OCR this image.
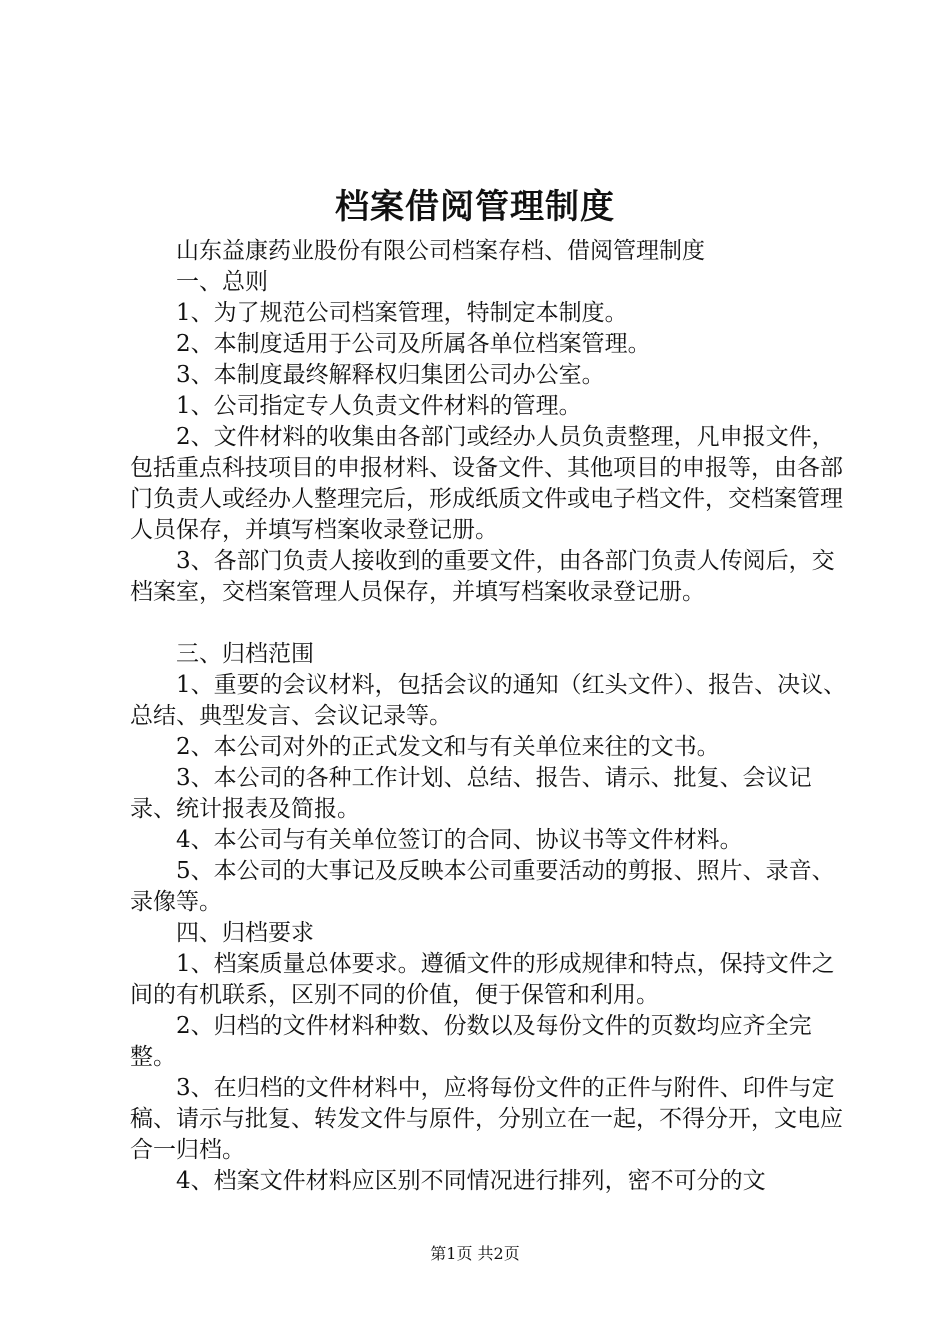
档案借阅管理制度

山东益康药业股份有限公司档案存档、借阅管理制度

一、总则

1、为了规范公司档案管理，特制定本制度。

2、本制度适用于公司及所属各单位档案管理。

3、本制度最终解释权归集团公司办公室。

1、公司指定专人负责文件材料的管理。

2、文件材料的收集由各部门或经办人员负责整理，凡申报文件，包括重点科技项目的申报材料、设备文件、其他项目的申报等，由各部门负责人或经办人整理完后，形成纸质文件或电子档文件，交档案管理人员保存，并填写档案收录登记册。

3、各部门负责人接收到的重要文件，由各部门负责人传阅后，交档案室，交档案管理人员保存，并填写档案收录登记册。

三、归档范围

1、重要的会议材料，包括会议的通知（红头文件）、报告、决议、总结、典型发言、会议记录等。

2、本公司对外的正式发文和与有关单位来往的文书。

3、本公司的各种工作计划、总结、报告、请示、批复、会议记录、统计报表及简报。

4、本公司与有关单位签订的合同、协议书等文件材料。

5、本公司的大事记及反映本公司重要活动的剪报、照片、录音、录像等。

四、归档要求

1、档案质量总体要求。遵循文件的形成规律和特点，保持文件之间的有机联系，区别不同的价值，便于保管和利用。

2、归档的文件材料种数、份数以及每份文件的页数均应齐全完整。

3、在归档的文件材料中，应将每份文件的正件与附件、印件与定稿、请示与批复、转发文件与原件，分别立在一起，不得分开，文电应合一归档。

4、档案文件材料应区别不同情况进行排列，密不可分的文

第1页 共2页
